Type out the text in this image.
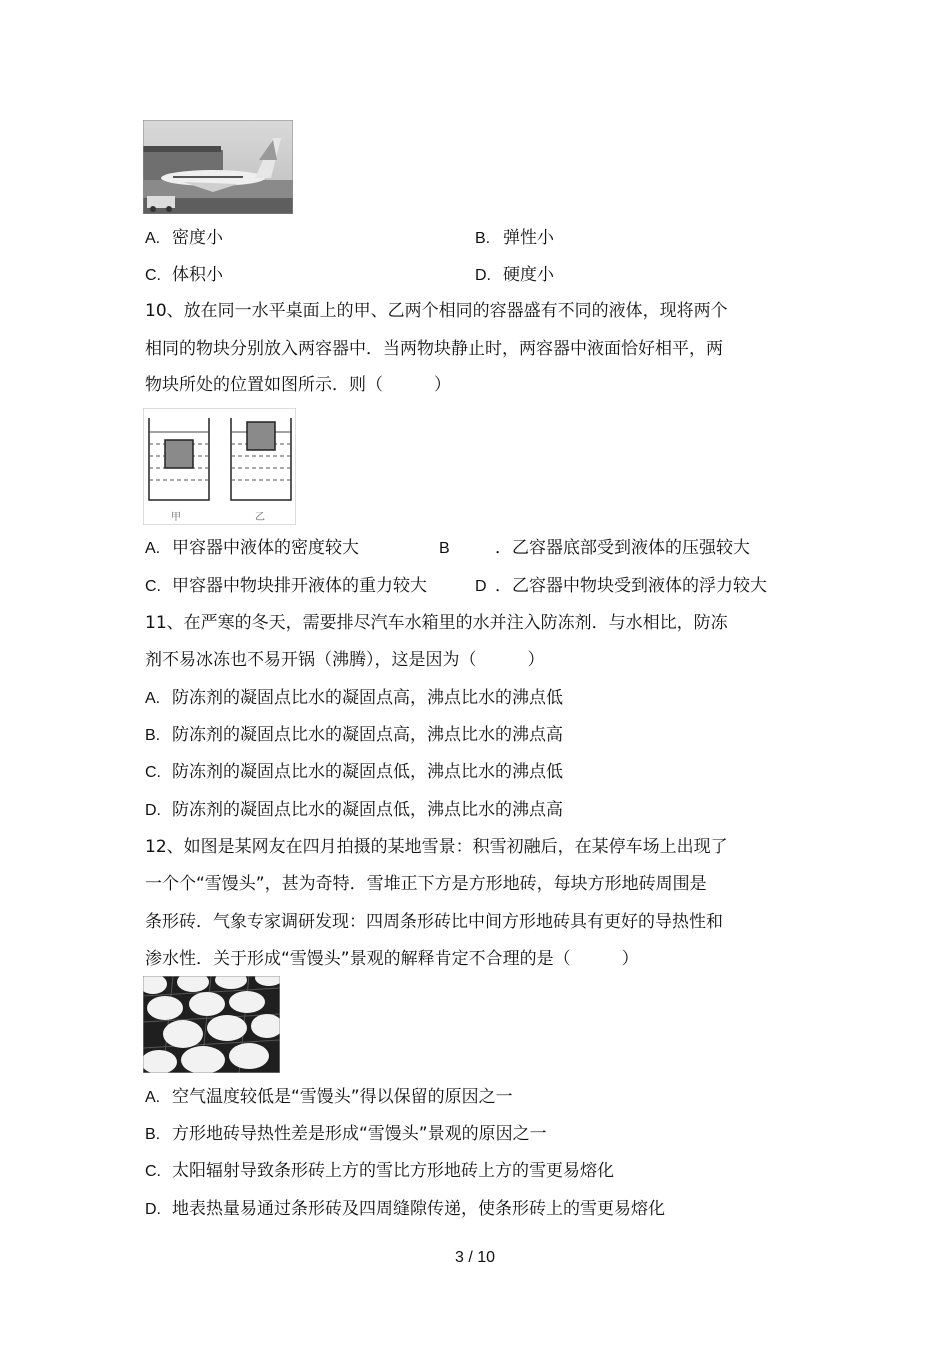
A. 密度小	B. 弹性小
C. 体积小	D. 硬度小
10、放在同一水平桌面上的甲、乙两个相同的容器盛有不同的液体，现将两个
相同的物块分别放入两容器中．当两物块静止时，两容器中液面恰好相平，两
物块所处的位置如图所示．则（　　　）
甲	乙
A. 甲容器中液体的密度较大	B	．乙容器底部受到液体的压强较大
C. 甲容器中物块排开液体的重力较大	D ．乙容器中物块受到液体的浮力较大
11、在严寒的冬天，需要排尽汽车水箱里的水并注入防冻剂．与水相比，防冻
剂不易冰冻也不易开锅（沸腾），这是因为（　　　）
A. 防冻剂的凝固点比水的凝固点高，沸点比水的沸点低
B. 防冻剂的凝固点比水的凝固点高，沸点比水的沸点高
C. 防冻剂的凝固点比水的凝固点低，沸点比水的沸点低
D. 防冻剂的凝固点比水的凝固点低，沸点比水的沸点高
12、如图是某网友在四月拍摄的某地雪景：积雪初融后，在某停车场上出现了
一个个“雪馒头”，甚为奇特．雪堆正下方是方形地砖，每块方形地砖周围是
条形砖．气象专家调研发现：四周条形砖比中间方形地砖具有更好的导热性和
渗水性．关于形成“雪馒头”景观的解释肯定不合理的是（　　　）
A. 空气温度较低是“雪馒头”得以保留的原因之一
B. 方形地砖导热性差是形成“雪馒头”景观的原因之一
C. 太阳辐射导致条形砖上方的雪比方形地砖上方的雪更易熔化
D. 地表热量易通过条形砖及四周缝隙传递，使条形砖上的雪更易熔化
3 / 10
